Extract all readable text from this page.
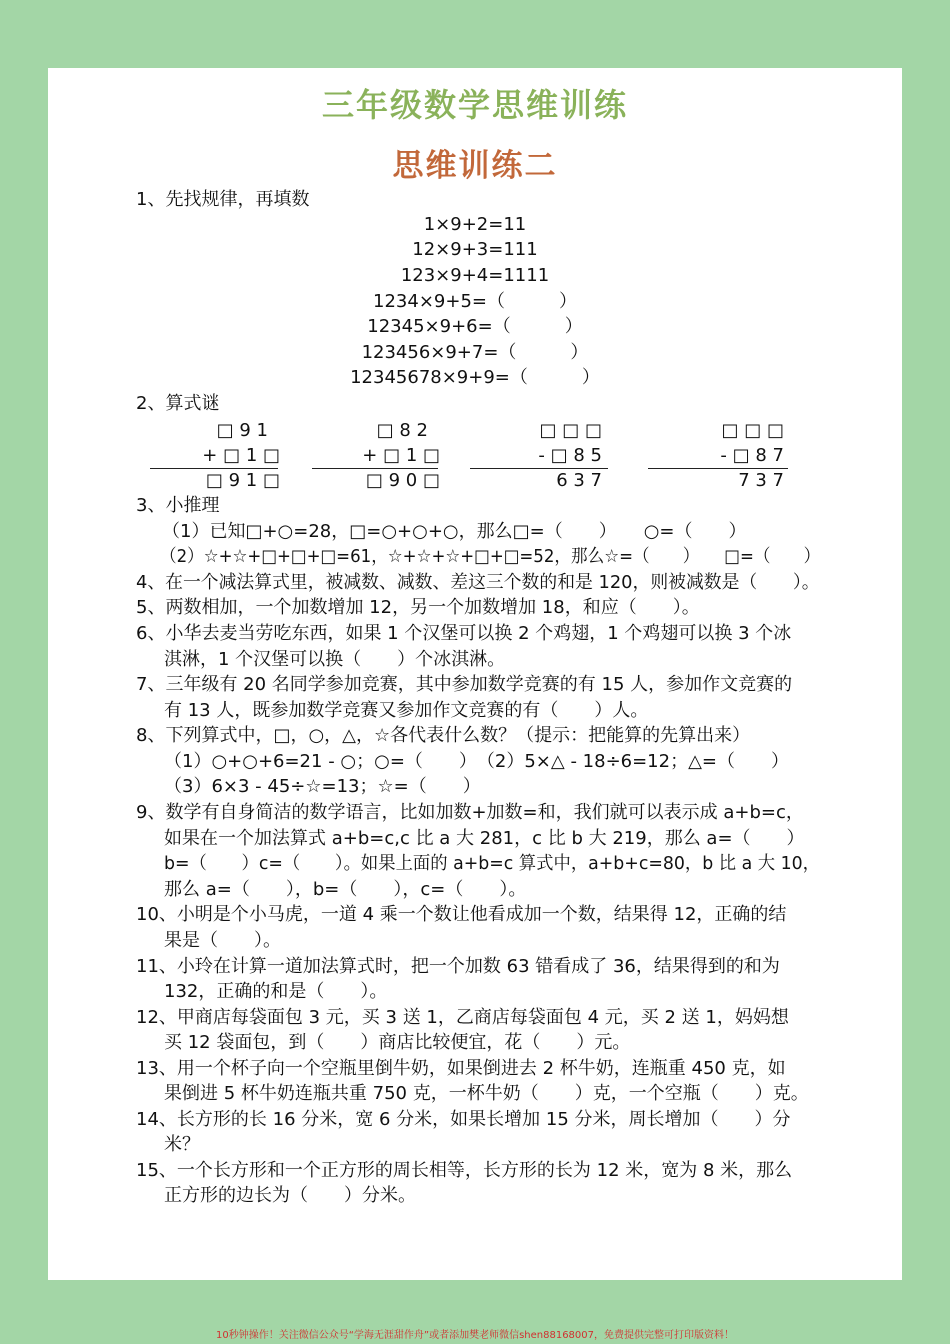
三年级数学思维训练
思维训练二
1、先找规律，再填数
1×9+2=11
12×9+3=111
123×9+4=1111
1234×9+5=（　　　）
12345×9+6=（　　　）
123456×9+7=（　　　）
12345678×9+9=（　　　）
2、算式谜
□ 9 1
+ □ 1 □
□ 9 1 □
□ 8 2
+ □ 1 □
□ 9 0 □
□ □ □
- □ 8 5
6 3 7
□ □ □
- □ 8 7
7 3 7
3、小推理
（1）已知□+○=28，□=○+○+○，那么□=（　　）　　○=（　　）
（2）☆+☆+□+□+□=61，☆+☆+☆+□+□=52，那么☆=（　　）　　□=（　　）
4、在一个减法算式里，被减数、减数、差这三个数的和是 120，则被减数是（　　）。
5、两数相加，一个加数增加 12，另一个加数增加 18，和应（　　）。
6、小华去麦当劳吃东西，如果 1 个汉堡可以换 2 个鸡翅，1 个鸡翅可以换 3 个冰
淇淋，1 个汉堡可以换（　　）个冰淇淋。
7、三年级有 20 名同学参加竞赛，其中参加数学竞赛的有 15 人，参加作文竞赛的
有 13 人，既参加数学竞赛又参加作文竞赛的有（　　）人。
8、下列算式中，□，○，△，☆各代表什么数？（提示：把能算的先算出来）
（1）○+○+6=21 - ○；○=（　　）　（2）5×△ - 18÷6=12；△=（　　）
（3）6×3 - 45÷☆=13；☆=（　　）
9、数学有自身简洁的数学语言，比如加数+加数=和，我们就可以表示成 a+b=c，
如果在一个加法算式 a+b=c,c 比 a 大 281，c 比 b 大 219，那么 a=（　　）
b=（　　）c=（　　）。如果上面的 a+b=c 算式中，a+b+c=80，b 比 a 大 10，
那么 a=（　　），b=（　　），c=（　　）。
10、小明是个小马虎，一道 4 乘一个数让他看成加一个数，结果得 12，正确的结
果是（　　）。
11、小玲在计算一道加法算式时，把一个加数 63 错看成了 36，结果得到的和为
132，正确的和是（　　）。
12、甲商店每袋面包 3 元，买 3 送 1，乙商店每袋面包 4 元，买 2 送 1，妈妈想
买 12 袋面包，到（　　）商店比较便宜，花（　　）元。
13、用一个杯子向一个空瓶里倒牛奶，如果倒进去 2 杯牛奶，连瓶重 450 克，如
果倒进 5 杯牛奶连瓶共重 750 克，一杯牛奶（　　）克，一个空瓶（　　）克。
14、长方形的长 16 分米，宽 6 分米，如果长增加 15 分米，周长增加（　　）分
米？
15、一个长方形和一个正方形的周长相等，长方形的长为 12 米，宽为 8 米，那么
正方形的边长为（　　）分米。
10秒钟操作！关注微信公众号“学海无涯甜作舟”或者添加樊老师微信shen88168007，免费提供完整可打印版资料！
